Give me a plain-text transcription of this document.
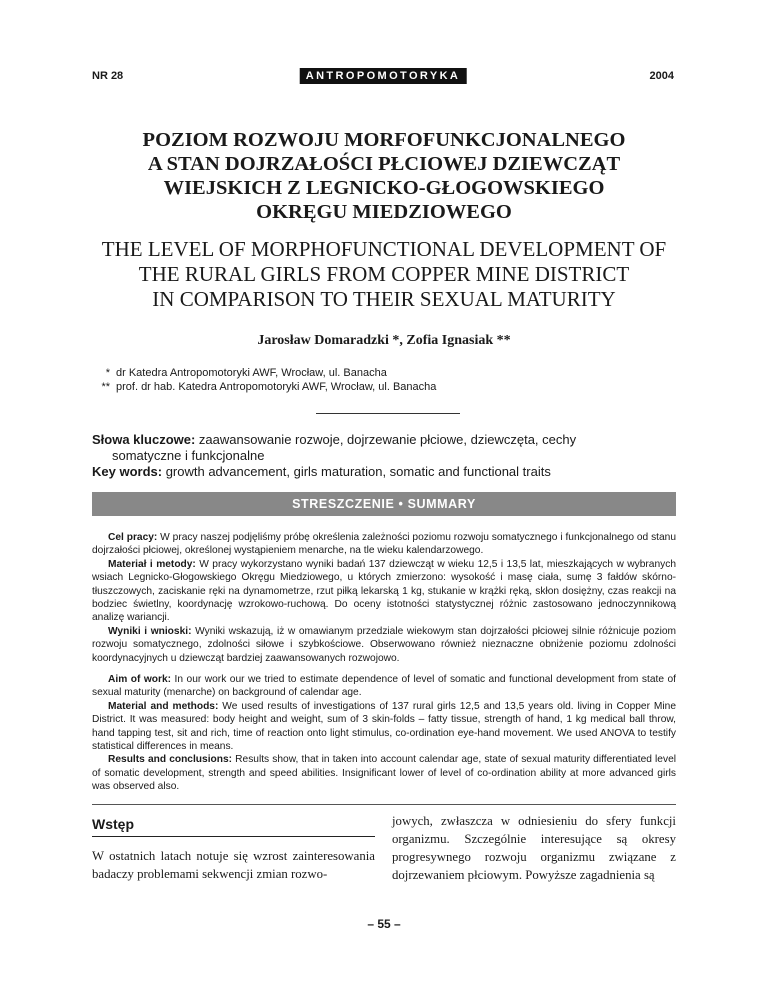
NR 28	ANTROPOMOTORYKA	2004
POZIOM ROZWOJU MORFOFUNKCJONALNEGO
A STAN DOJRZAŁOŚCI PŁCIOWEJ DZIEWCZĄT
WIEJSKICH Z LEGNICKO-GŁOGOWSKIEGO
OKRĘGU MIEDZIOWEGO
THE LEVEL OF MORPHOFUNCTIONAL DEVELOPMENT OF
THE RURAL GIRLS FROM COPPER MINE DISTRICT
IN COMPARISON TO THEIR SEXUAL MATURITY
Jarosław Domaradzki *, Zofia Ignasiak **
* dr Katedra Antropomotoryki AWF, Wrocław, ul. Banacha
** prof. dr hab. Katedra Antropomotoryki AWF, Wrocław, ul. Banacha

Słowa kluczowe: zaawansowanie rozwoje, dojrzewanie płciowe, dziewczęta, cechy

somatyczne i funkcjonalne

Key words: growth advancement, girls maturation, somatic and functional traits

STRESZCZENIE • SUMMARY

Cel pracy: W pracy naszej podjęliśmy próbę określenia zależności poziomu rozwoju somatycznego i funkcjonalnego od stanu dojrzałości płciowej, określonej wystąpieniem menarche, na tle wieku kalendarzowego.

Materiał i metody: W pracy wykorzystano wyniki badań 137 dziewcząt w wieku 12,5 i 13,5 lat, mieszkających w wybranych wsiach Legnicko-Głogowskiego Okręgu Miedziowego, u których zmierzono: wysokość i masę ciała, sumę 3 fałdów skórno-tłuszczowych, zaciskanie ręki na dynamometrze, rzut piłką lekarską 1 kg, stukanie w krążki ręką, skłon dosiężny, czas reakcji na bodziec świetlny, koordynację wzrokowo-ruchową. Do oceny istotności statystycznej różnic zastosowano jednoczynnikową analizę wariancji.

Wyniki i wnioski: Wyniki wskazują, iż w omawianym przedziale wiekowym stan dojrzałości płciowej silnie różnicuje poziom rozwoju somatycznego, zdolności siłowe i szybkościowe. Obserwowano również nieznaczne obniżenie poziomu zdolności koordynacyjnych u dziewcząt bardziej zaawansowanych rozwojowo.

Aim of work: In our work our we tried to estimate dependence of level of somatic and functional development from state of sexual maturity (menarche) on background of calendar age.

Material and methods: We used results of investigations of 137 rural girls 12,5 and 13,5 years old. living in Copper Mine District. It was measured: body height and weight, sum of 3 skin-folds – fatty tissue, strength of hand, 1 kg medical ball throw, hand tapping test, sit and rich, time of reaction onto light stimulus, co-ordination eye-hand movement. We used ANOVA to testify statistical differences in means.

Results and conclusions: Results show, that in taken into account calendar age, state of sexual maturity differentiated level of somatic development, strength and speed abilities. Insignificant lower of level of co-ordination ability at more advanced girls was observed also.

Wstęp

W ostatnich latach notuje się wzrost zainteresowania badaczy problemami sekwencji zmian rozwo-

jowych, zwłaszcza w odniesieniu do sfery funkcji organizmu. Szczególnie interesujące są okresy progresywnego rozwoju organizmu związane z dojrzewaniem płciowym. Powyższe zagadnienia są

– 55 –
